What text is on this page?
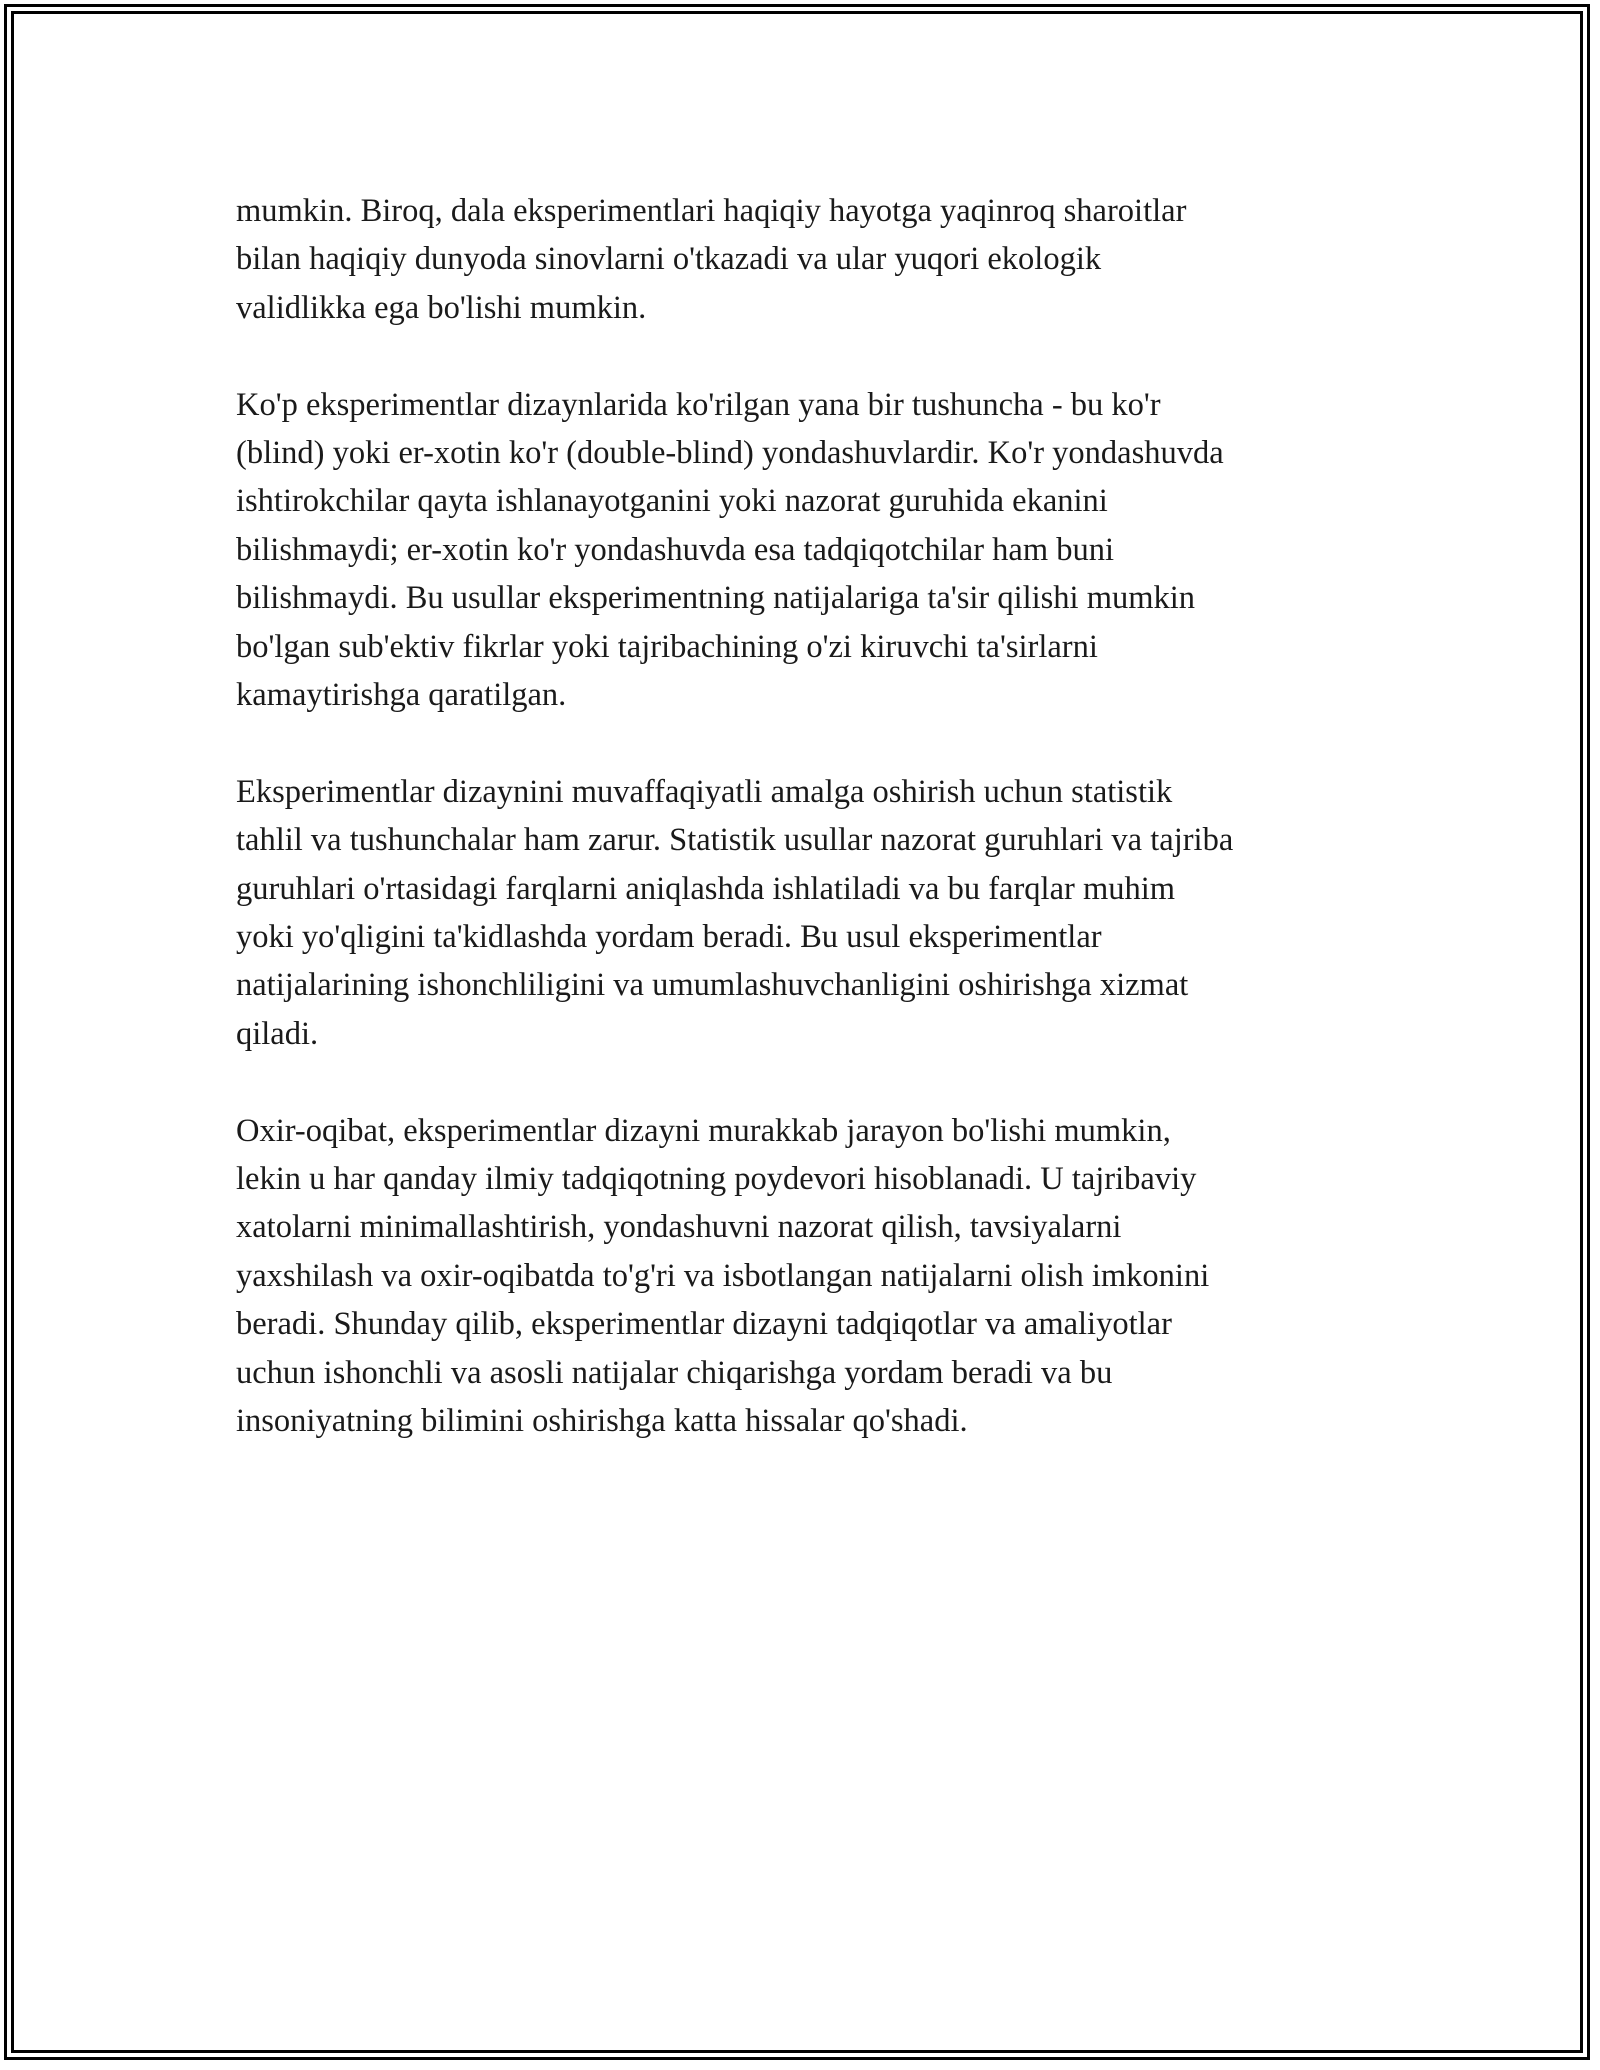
mumkin. Biroq, dala eksperimentlari haqiqiy hayotga yaqinroq sharoitlar
bilan haqiqiy dunyoda sinovlarni o'tkazadi va ular yuqori ekologik
validlikka ega bo'lishi mumkin.

Ko'p eksperimentlar dizaynlarida ko'rilgan yana bir tushuncha - bu ko'r
(blind) yoki er-xotin ko'r (double-blind) yondashuvlardir. Ko'r yondashuvda
ishtirokchilar qayta ishlanayotganini yoki nazorat guruhida ekanini
bilishmaydi; er-xotin ko'r yondashuvda esa tadqiqotchilar ham buni
bilishmaydi. Bu usullar eksperimentning natijalariga ta'sir qilishi mumkin
bo'lgan sub'ektiv fikrlar yoki tajribachining o'zi kiruvchi ta'sirlarni
kamaytirishga qaratilgan.

Eksperimentlar dizaynini muvaffaqiyatli amalga oshirish uchun statistik
tahlil va tushunchalar ham zarur. Statistik usullar nazorat guruhlari va tajriba
guruhlari o'rtasidagi farqlarni aniqlashda ishlatiladi va bu farqlar muhim
yoki yo'qligini ta'kidlashda yordam beradi. Bu usul eksperimentlar
natijalarining ishonchliligini va umumlashuvchanligini oshirishga xizmat
qiladi.

Oxir-oqibat, eksperimentlar dizayni murakkab jarayon bo'lishi mumkin,
lekin u har qanday ilmiy tadqiqotning poydevori hisoblanadi. U tajribaviy
xatolarni minimallashtirish, yondashuvni nazorat qilish, tavsiyalarni
yaxshilash va oxir-oqibatda to'g'ri va isbotlangan natijalarni olish imkonini
beradi. Shunday qilib, eksperimentlar dizayni tadqiqotlar va amaliyotlar
uchun ishonchli va asosli natijalar chiqarishga yordam beradi va bu
insoniyatning bilimini oshirishga katta hissalar qo'shadi.
